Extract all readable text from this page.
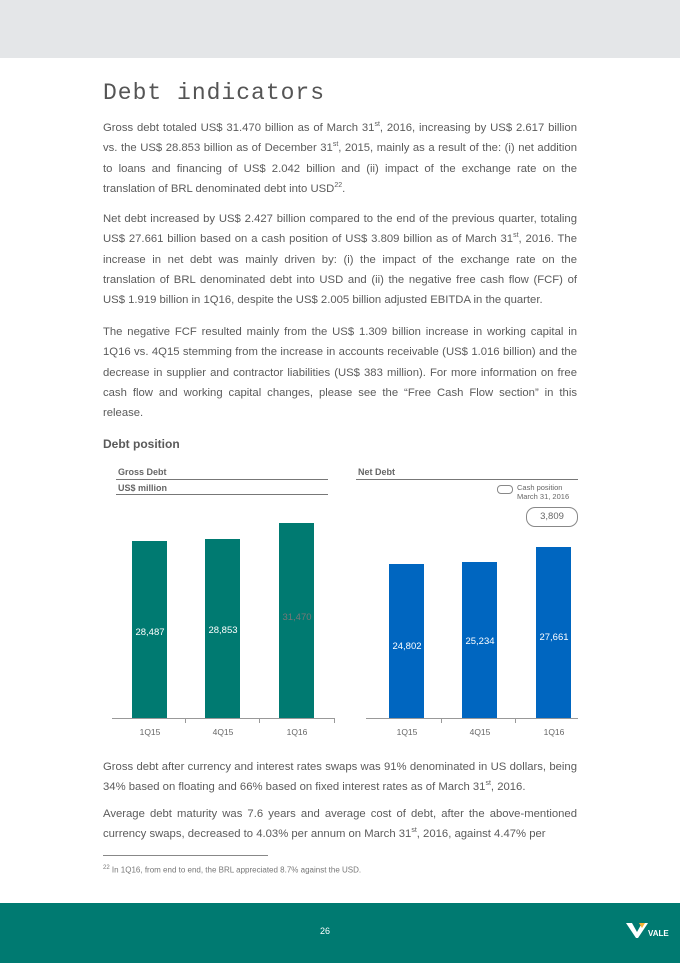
Debt indicators

Gross debt totaled US$ 31.470 billion as of March 31st, 2016, increasing by US$ 2.617 billion vs. the US$ 28.853 billion as of December 31st, 2015, mainly as a result of the: (i) net addition to loans and financing of US$ 2.042 billion and (ii) impact of the exchange rate on the translation of BRL denominated debt into USD$^{22}$.

Net debt increased by US$ 2.427 billion compared to the end of the previous quarter, totaling US$ 27.661 billion based on a cash position of US$ 3.809 billion as of March 31st, 2016. The increase in net debt was mainly driven by: (i) the impact of the exchange rate on the translation of BRL denominated debt into USD and (ii) the negative free cash flow (FCF) of US$ 1.919 billion in 1Q16, despite the US$ 2.005 billion adjusted EBITDA in the quarter.

The negative FCF resulted mainly from the US$ 1.309 billion increase in working capital in 1Q16 vs. 4Q15 stemming from the increase in accounts receivable (US$ 1.016 billion) and the decrease in supplier and contractor liabilities (US$ 383 million). For more information on free cash flow and working capital changes, please see the “Free Cash Flow section” in this release.

Debt position
Gross Debt
US$ million
28,487
1Q15
28,853
4Q15
31,470
1Q16
Net Debt
Cash position
March 31, 2016
3,809
24,802
1Q15
25,234
4Q15
27,661
1Q16

Gross debt after currency and interest rates swaps was 91% denominated in US dollars, being 34% based on floating and 66% based on fixed interest rates as of March 31st, 2016.

Average debt maturity was 7.6 years and average cost of debt, after the above-mentioned currency swaps, decreased to 4.03% per annum on March 31st, 2016, against 4.47% per

$^{22}$ In 1Q16, from end to end, the BRL appreciated 8.7% against the USD.
26	VALE
